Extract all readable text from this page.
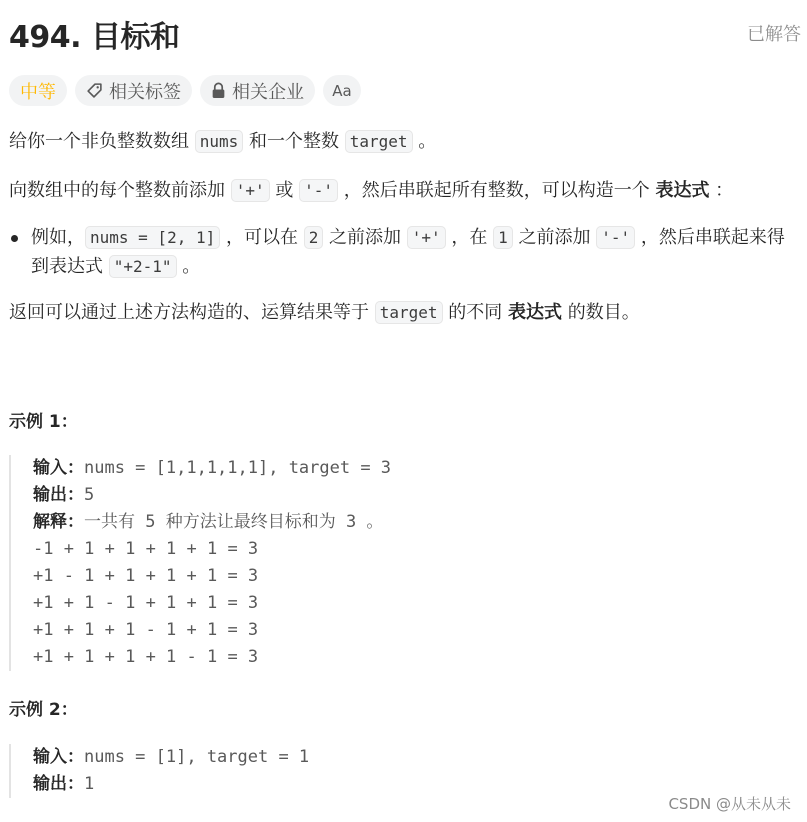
494. 目标和	已解答
中等	相关标签	相关企业 Aa

给你一个非负整数数组 nums 和一个整数 target 。

向数组中的每个整数前添加 '+' 或 '-' ，然后串联起所有整数，可以构造一个 表达式 ：

例如， nums = [2, 1] ，可以在 2 之前添加 '+' ，在 1 之前添加 '-' ，然后串联起来得到表达式 "+2-1" 。

返回可以通过上述方法构造的、运算结果等于 target 的不同 表达式 的数目。

示例 1：
输入：nums = [1,1,1,1,1], target = 3
输出：5
解释：一共有 5 种方法让最终目标和为 3 。
-1 + 1 + 1 + 1 + 1 = 3
+1 - 1 + 1 + 1 + 1 = 3
+1 + 1 - 1 + 1 + 1 = 3
+1 + 1 + 1 - 1 + 1 = 3
+1 + 1 + 1 + 1 - 1 = 3
示例 2：
输入：nums = [1], target = 1
输出：1
CSDN @从未从未
